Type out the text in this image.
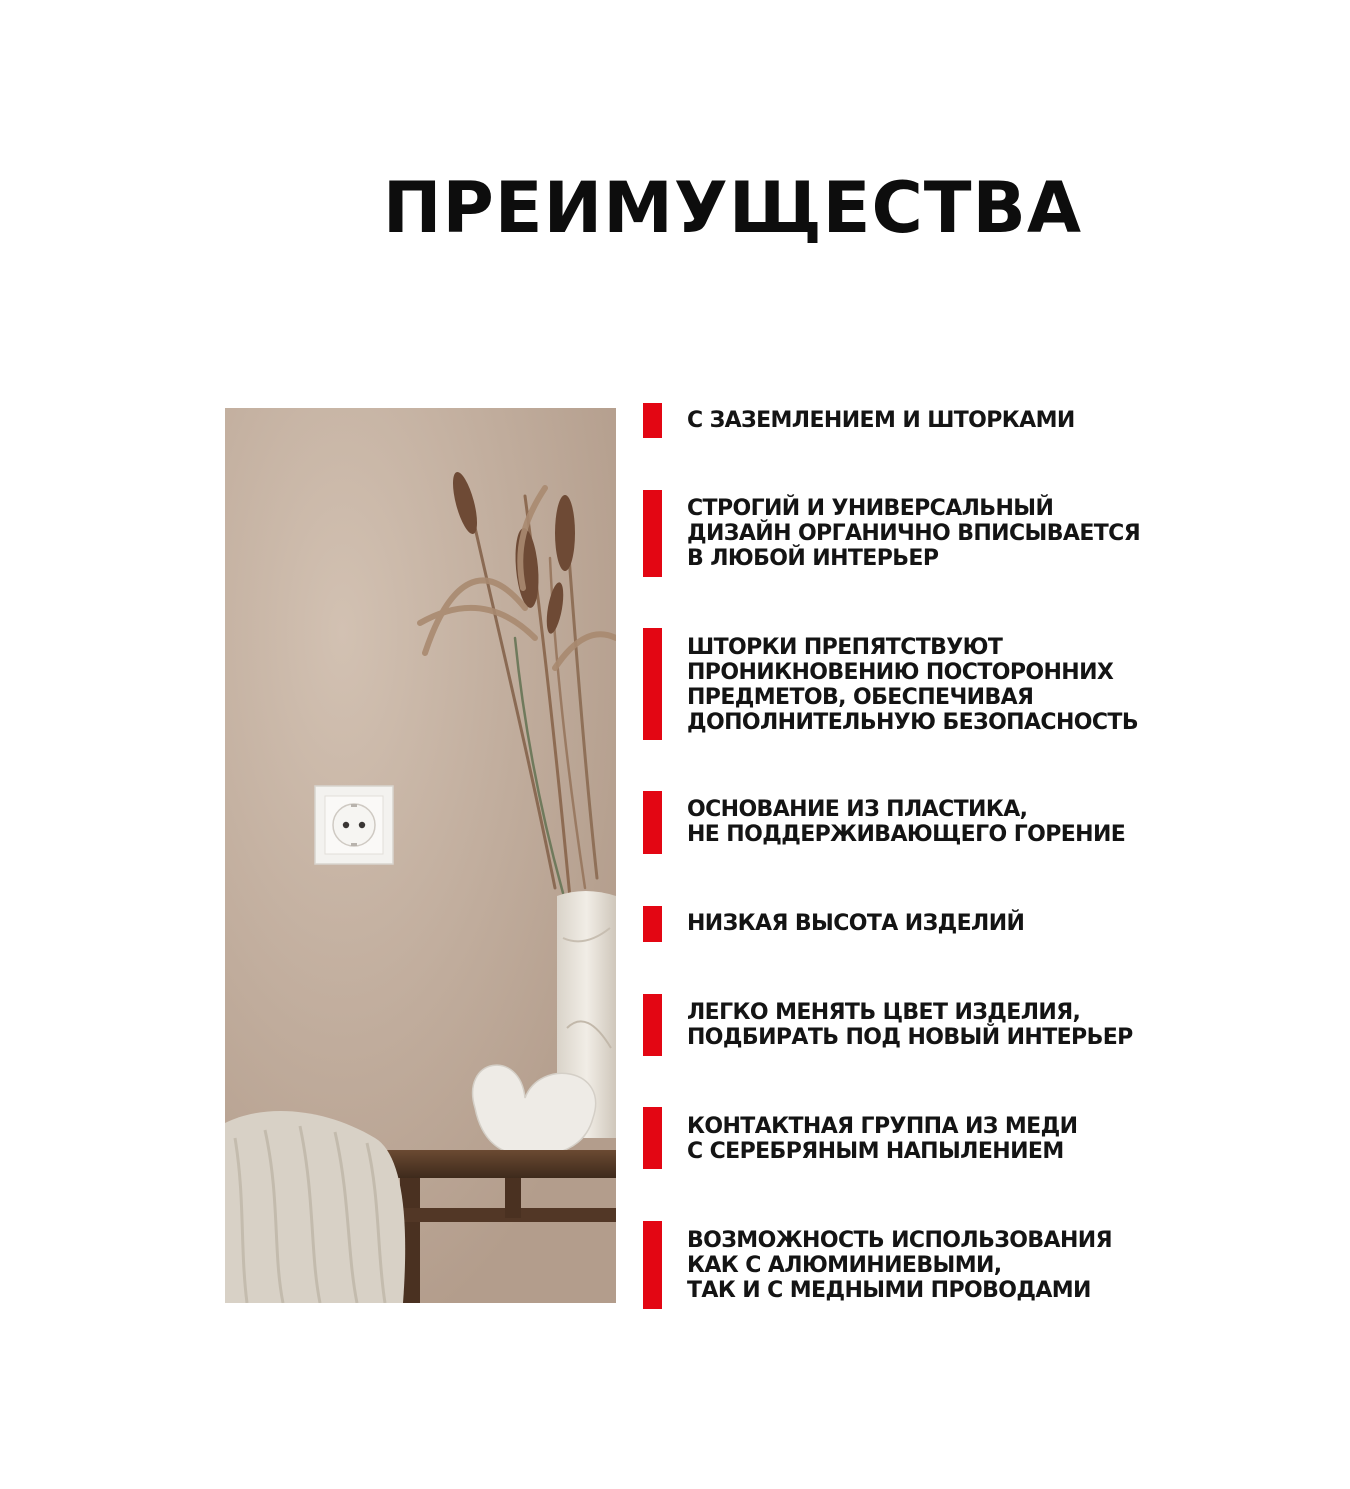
ПРЕИМУЩЕСТВА
С ЗАЗЕМЛЕНИЕМ И ШТОРКАМИ
СТРОГИЙ И УНИВЕРСАЛЬНЫЙ
ДИЗАЙН ОРГАНИЧНО ВПИСЫВАЕТСЯ
В ЛЮБОЙ ИНТЕРЬЕР
ШТОРКИ ПРЕПЯТСТВУЮТ
ПРОНИКНОВЕНИЮ ПОСТОРОННИХ
ПРЕДМЕТОВ, ОБЕСПЕЧИВАЯ
ДОПОЛНИТЕЛЬНУЮ БЕЗОПАСНОСТЬ
ОСНОВАНИЕ ИЗ ПЛАСТИКА,
НЕ ПОДДЕРЖИВАЮЩЕГО ГОРЕНИЕ
НИЗКАЯ ВЫСОТА ИЗДЕЛИЙ
ЛЕГКО МЕНЯТЬ ЦВЕТ ИЗДЕЛИЯ,
ПОДБИРАТЬ ПОД НОВЫЙ ИНТЕРЬЕР
КОНТАКТНАЯ ГРУППА ИЗ МЕДИ
С СЕРЕБРЯНЫМ НАПЫЛЕНИЕМ
ВОЗМОЖНОСТЬ ИСПОЛЬЗОВАНИЯ
КАК С АЛЮМИНИЕВЫМИ,
ТАК И С МЕДНЫМИ ПРОВОДАМИ
